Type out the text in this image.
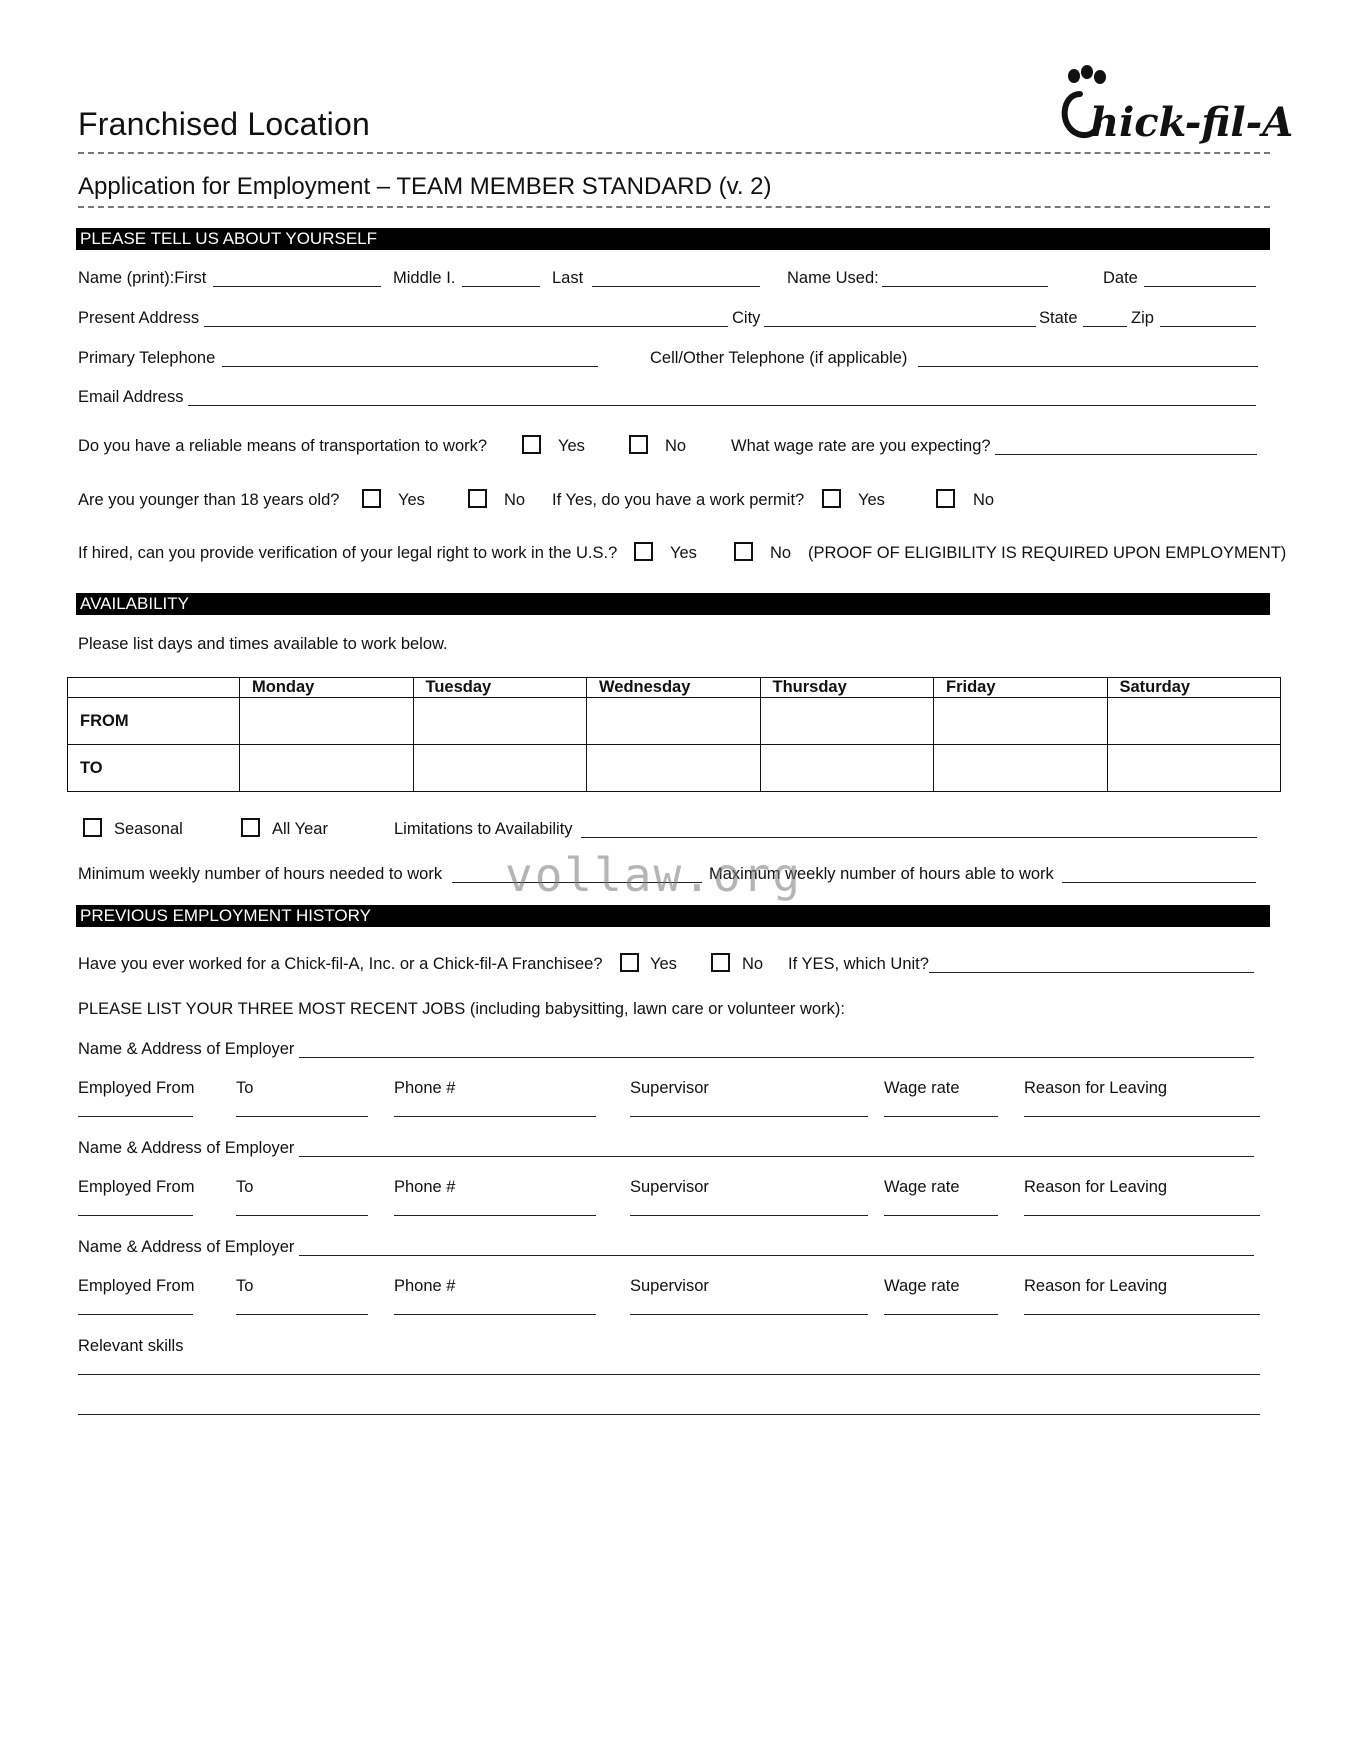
Franchised Location	hick-fil-A
Application for Employment – TEAM MEMBER STANDARD (v. 2)
PLEASE TELL US ABOUT YOURSELF
Name (print):First	Middle I.	Last	Name Used:	Date
Present Address	City	State	Zip
Primary Telephone	Cell/Other Telephone (if applicable)
Email Address
Do you have a reliable means of transportation to work?	Yes	No	What wage rate are you expecting?
Are you younger than 18 years old?	Yes	No If Yes, do you have a work permit?	Yes	No
If hired, can you provide verification of your legal right to work in the U.S.?	Yes	No (PROOF OF ELIGIBILITY IS REQUIRED UPON EMPLOYMENT)
AVAILABILITY
Please list days and times available to work below.
	Monday	Tuesday	Wednesday	Thursday	Friday	Saturday
FROM						
TO						
Seasonal	All Year	Limitations to Availability
Minimum weekly number of hours needed to work	Maximum weekly number of hours able to work
vollaw.org
PREVIOUS EMPLOYMENT HISTORY
Have you ever worked for a Chick-fil-A, Inc. or a Chick-fil-A Franchisee?	Yes	No If YES, which Unit?
PLEASE LIST YOUR THREE MOST RECENT JOBS (including babysitting, lawn care or volunteer work):
Name & Address of Employer
Employed From	To	Phone #	Supervisor	Wage rate	Reason for Leaving
Name & Address of Employer
Employed From	To	Phone #	Supervisor	Wage rate	Reason for Leaving
Name & Address of Employer
Employed From	To	Phone #	Supervisor	Wage rate	Reason for Leaving
Relevant skills
